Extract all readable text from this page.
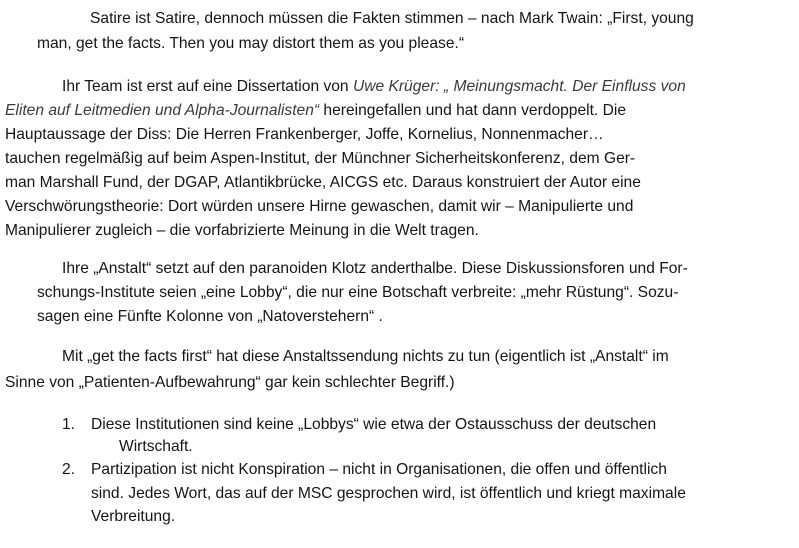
Satire ist Satire, dennoch müssen die Fakten stimmen – nach Mark Twain: „First, young
man, get the facts. Then you may distort them as you please.“
Ihr Team ist erst auf eine Dissertation von Uwe Krüger: „ Meinungsmacht. Der Einfluss von
Eliten auf Leitmedien und Alpha-Journalisten“ hereingefallen und hat dann verdoppelt. Die
Hauptaussage der Diss: Die Herren Frankenberger, Joffe, Kornelius, Nonnenmacher…
tauchen regelmäßig auf beim Aspen-Institut, der Münchner Sicherheitskonferenz, dem Ger-
man Marshall Fund, der DGAP, Atlantikbrücke, AICGS etc. Daraus konstruiert der Autor eine
Verschwörungstheorie: Dort würden unsere Hirne gewaschen, damit wir – Manipulierte und
Manipulierer zugleich – die vorfabrizierte Meinung in die Welt tragen.
Ihre „Anstalt“ setzt auf den paranoiden Klotz anderthalbe. Diese Diskussionsforen und For-
schungs-Institute seien „eine Lobby“, die nur eine Botschaft verbreite: „mehr Rüstung“. Sozu-
sagen eine Fünfte Kolonne von „Natoverstehern“ .
Mit „get the facts first“ hat diese Anstaltssendung nichts zu tun (eigentlich ist „Anstalt“ im
Sinne von „Patienten-Aufbewahrung“ gar kein schlechter Begriff.)
1. Diese Institutionen sind keine „Lobbys“ wie etwa der Ostausschuss der deutschen
Wirtschaft.
2. Partizipation ist nicht Konspiration – nicht in Organisationen, die offen und öffentlich
sind. Jedes Wort, das auf der MSC gesprochen wird, ist öffentlich und kriegt maximale
Verbreitung.
